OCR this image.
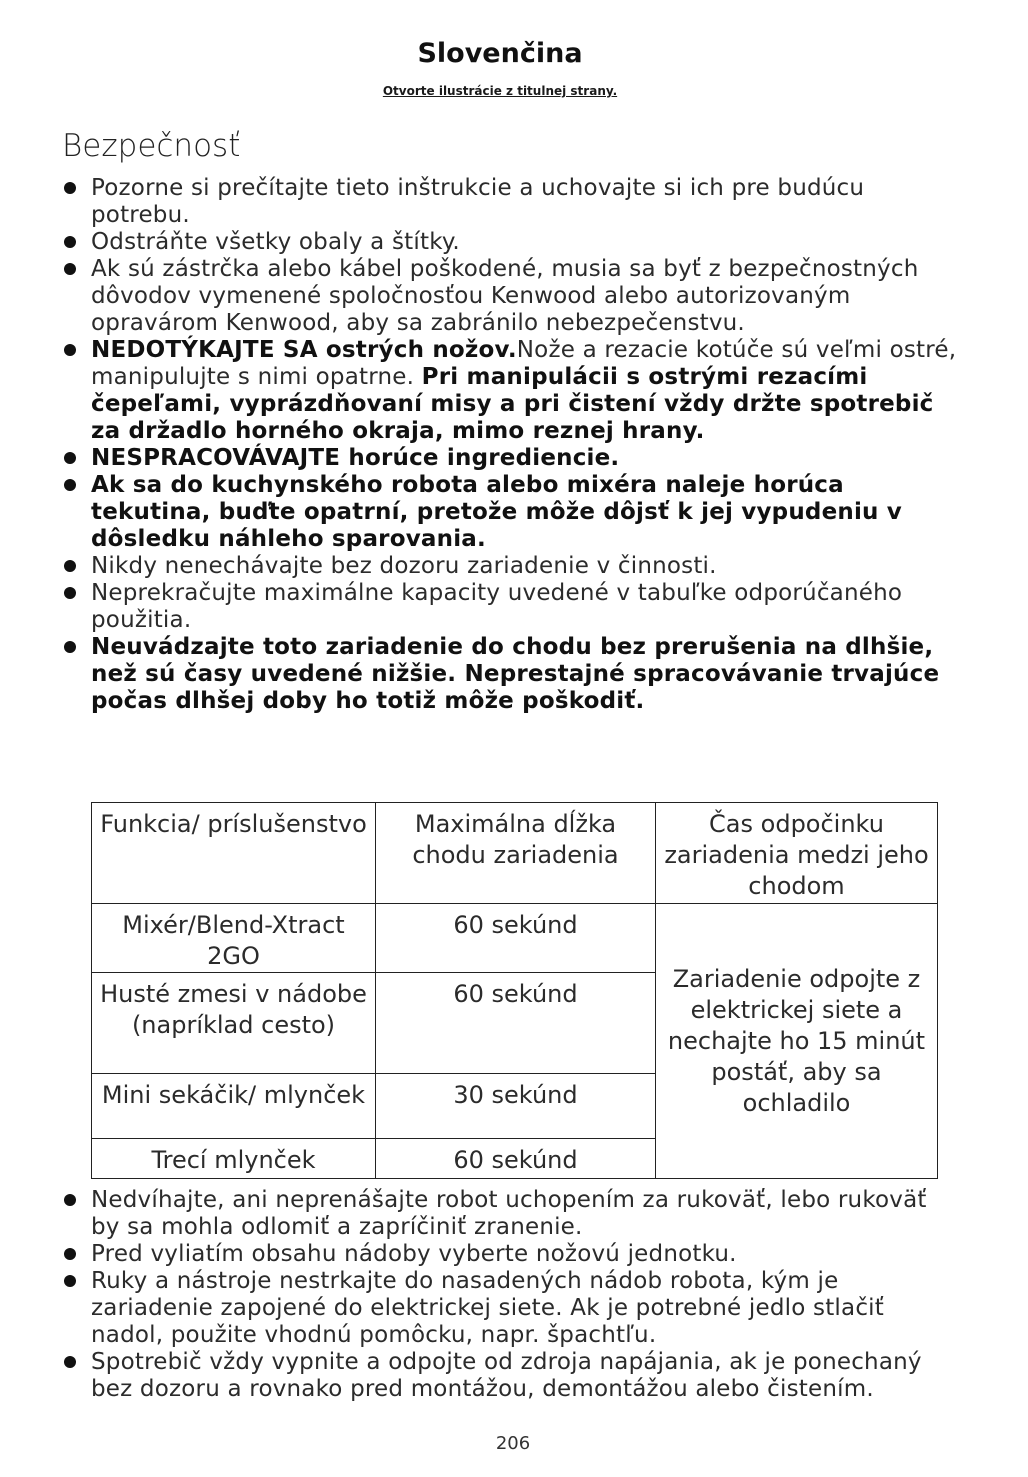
Slovenčina
Otvorte ilustrácie z titulnej strany.
Bezpečnosť
Pozorne si prečítajte tieto inštrukcie a uchovajte si ich pre budúcu potrebu.
Odstráňte všetky obaly a štítky.
Ak sú zástrčka alebo kábel poškodené, musia sa byť z bezpečnostných dôvodov vymenené spoločnosťou Kenwood alebo autorizovaným opravárom Kenwood, aby sa zabránilo nebezpečenstvu.
NEDOTÝKAJTE SA ostrých nožov.Nože a rezacie kotúče sú veľmi ostré, manipulujte s nimi opatrne. Pri manipulácii s ostrými rezacími čepeľami, vyprázdňovaní misy a pri čistení vždy držte spotrebič za držadlo horného okraja, mimo reznej hrany.
NESPRACOVÁVAJTE horúce ingrediencie.
Ak sa do kuchynského robota alebo mixéra naleje horúca tekutina, buďte opatrní, pretože môže dôjsť k jej vypudeniu v dôsledku náhleho sparovania.
Nikdy nenechávajte bez dozoru zariadenie v činnosti.
Neprekračujte maximálne kapacity uvedené v tabuľke odporúčaného použitia.
Neuvádzajte toto zariadenie do chodu bez prerušenia na dlhšie, než sú časy uvedené nižšie. Neprestajné spracovávanie trvajúce počas dlhšej doby ho totiž môže poškodiť.
Funkcia/ príslušenstvo	Maximálna dĺžka chodu zariadenia	Čas odpočinku zariadenia medzi jeho chodom
Mixér/Blend-Xtract 2GO	60 sekúnd	Zariadenie odpojte z elektrickej siete a nechajte ho 15 minút postáť, aby sa ochladilo
Husté zmesi v nádobe (napríklad cesto)	60 sekúnd	
Mini sekáčik/ mlynček	30 sekúnd	
Trecí mlynček	60 sekúnd	
Nedvíhajte, ani neprenášajte robot uchopením za rukoväť, lebo rukoväť by sa mohla odlomiť a zapríčiniť zranenie.
Pred vyliatím obsahu nádoby vyberte nožovú jednotku.
Ruky a nástroje nestrkajte do nasadených nádob robota, kým je zariadenie zapojené do elektrickej siete. Ak je potrebné jedlo stlačiť nadol, použite vhodnú pomôcku, napr. špachtľu.
Spotrebič vždy vypnite a odpojte od zdroja napájania, ak je ponechaný bez dozoru a rovnako pred montážou, demontážou alebo čistením.
206
